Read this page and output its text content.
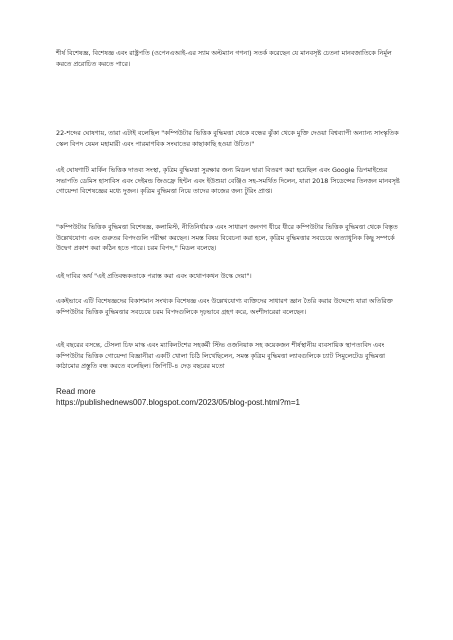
শীর্ষ বিশেষজ্ঞ, বিশেষজ্ঞ এবং রাষ্ট্রপতি (ওপেনএআই-এর স্যাম অল্টম্যান গণনা) সতর্ক করেছেন যে মানবসৃষ্ট চেতনা মানবজাতিকে নির্মূল করতে প্ররোচিত করতে পারে।

22-শব্দের ঘোষণায়, তারা এটাই বলেছিল "কম্পিউটার ভিত্তিক বুদ্ধিমত্তা থেকে বন্ধের ঝুঁকা থেকে মুক্তি দেওয়া বিশ্বব্যাপী অন্যান্য সাংস্কৃতিক স্কেল বিপদ যেমন মহামারী এবং পারমাণবিক সংঘাতের কাছাকাছি হওয়া উচিত।"

এই ঘোষণাটি মার্কিন ভিত্তিক দাতব্য সংস্থা, কৃত্রিম বুদ্ধিমত্তা সুরক্ষার জন্য মিডল দ্বারা বিতরণ করা হয়েছিল এবং Google ডিপমাইন্ডের সভাপতি ডেমিস হাসাবিস এবং দেইমন্ড জিওফ্রে হিন্টন এবং ইউশুয়া বেঞ্জিও সহ-সমর্থিত দিলেন, যারা 2018 সিডেন্সের তিনজন মানবসৃষ্ট গোয়েন্দা বিশেষজ্ঞের মধ্যে দুজন। কৃত্রিম বুদ্ধিমত্তা নিয়ে তাদের কাজের জন্য টুরিং প্রাপ্ত।

"কম্পিউটার ভিত্তিক বুদ্ধিমত্তা বিশেষজ্ঞ, কলামিস্ট, নীতিনির্ধারক এবং সাধারণ জনগণ ধীরে ধীরে কম্পিউটার ভিত্তিক বুদ্ধিমত্তা থেকে বিস্তৃত উল্লেখযোগ্য এবং গুরুতর বিপদগুলি পরীক্ষা করছেন। সমস্ত বিষয় বিবেচনা করা হলে, কৃত্রিম বুদ্ধিমত্তার সবচেয়ে অত্যাধুনিক কিছু সম্পর্কে উদ্বেগ প্রকাশ করা কঠিন হতে পারে। চরম বিপদ," মিডল বলেছে।

এই দাবির অর্থ "এই প্রতিবন্ধকতাকে পরাস্ত করা এবং কথোপকথন উস্কে দেয়া"।

একইভাবে এটি বিশেষজ্ঞদের বিকাশমান সংখ্যক বিশেষজ্ঞ এবং উল্লেখযোগ্য ব্যক্তিদের সাধারণ জ্ঞান তৈরি করার উদ্দেশ্যে যারা অতিরিক্ত কম্পিউটার ভিত্তিক বুদ্ধিমত্তার সবচেয়ে চরম বিপদগুলিকে দৃঢ়ভাবে গ্রহণ করে, অংশীদারেরা বলেছেন।

এই বছরের বসন্তে, টেসলা চিফ মাস্ক এবং ম্যাকিনটশের সহকর্মী স্টিভ ওজনিয়াক সহ কয়েকজন শীর্ষস্থানীয় ব্যবসায়িক স্থাপত্যবিদ এবং কম্পিউটার ভিত্তিক গোয়েন্দা বিজ্ঞানীরা একটি খোলা চিঠি লিখেছিলেন, সমস্ত কৃত্রিম বুদ্ধিমত্তা ল্যাবগুলিকে চ্যাট সিমুলেটেড বুদ্ধিমত্তা কাঠামোর প্রস্তুতি বন্ধ করতে বলেছিল। জিপিটি-৪ দেড় বছরের মতো

Read more
https://publishednews007.blogspot.com/2023/05/blog-post.html?m=1
